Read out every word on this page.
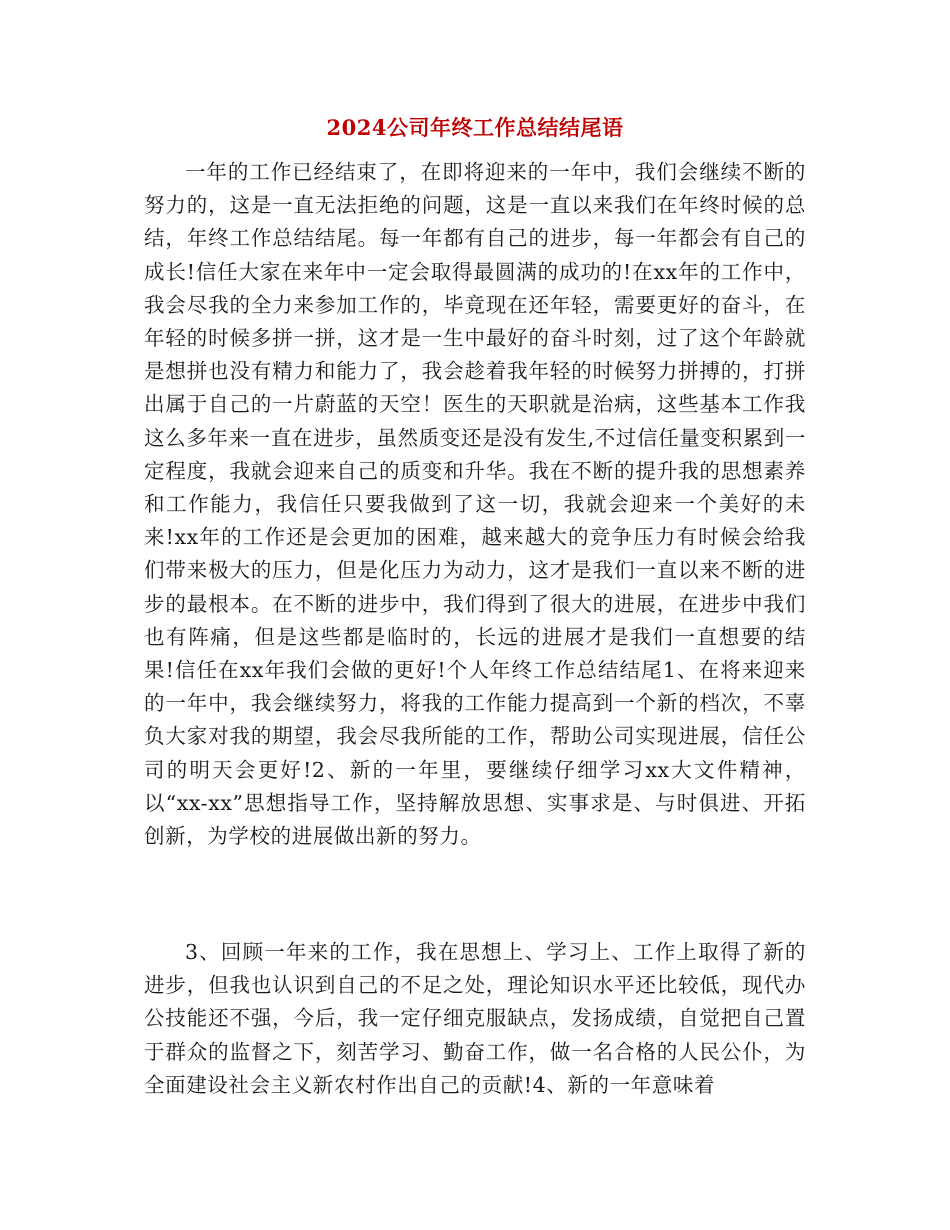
2024公司年终工作总结结尾语

一年的工作已经结束了，在即将迎来的一年中，我们会继续不断的努力的，这是一直无法拒绝的问题，这是一直以来我们在年终时候的总结，年终工作总结结尾。每一年都有自己的进步，每一年都会有自己的成长!信任大家在来年中一定会取得最圆满的成功的!在xx年的工作中，我会尽我的全力来参加工作的，毕竟现在还年轻，需要更好的奋斗，在年轻的时候多拼一拼，这才是一生中最好的奋斗时刻，过了这个年龄就是想拼也没有精力和能力了，我会趁着我年轻的时候努力拼搏的，打拼出属于自己的一片蔚蓝的天空！医生的天职就是治病，这些基本工作我这么多年来一直在进步，虽然质变还是没有发生,不过信任量变积累到一定程度，我就会迎来自己的质变和升华。我在不断的提升我的思想素养和工作能力，我信任只要我做到了这一切，我就会迎来一个美好的未来!xx年的工作还是会更加的困难，越来越大的竞争压力有时候会给我们带来极大的压力，但是化压力为动力，这才是我们一直以来不断的进步的最根本。在不断的进步中，我们得到了很大的进展，在进步中我们也有阵痛，但是这些都是临时的，长远的进展才是我们一直想要的结果!信任在xx年我们会做的更好!个人年终工作总结结尾1、在将来迎来的一年中，我会继续努力，将我的工作能力提高到一个新的档次，不辜负大家对我的期望，我会尽我所能的工作，帮助公司实现进展，信任公司的明天会更好!2、新的一年里，要继续仔细学习xx大文件精神，以“xx-xx”思想指导工作，坚持解放思想、实事求是、与时俱进、开拓创新，为学校的进展做出新的努力。

3、回顾一年来的工作，我在思想上、学习上、工作上取得了新的进步，但我也认识到自己的不足之处，理论知识水平还比较低，现代办公技能还不强，今后，我一定仔细克服缺点，发扬成绩，自觉把自己置于群众的监督之下，刻苦学习、勤奋工作，做一名合格的人民公仆，为全面建设社会主义新农村作出自己的贡献!4、新的一年意味着
